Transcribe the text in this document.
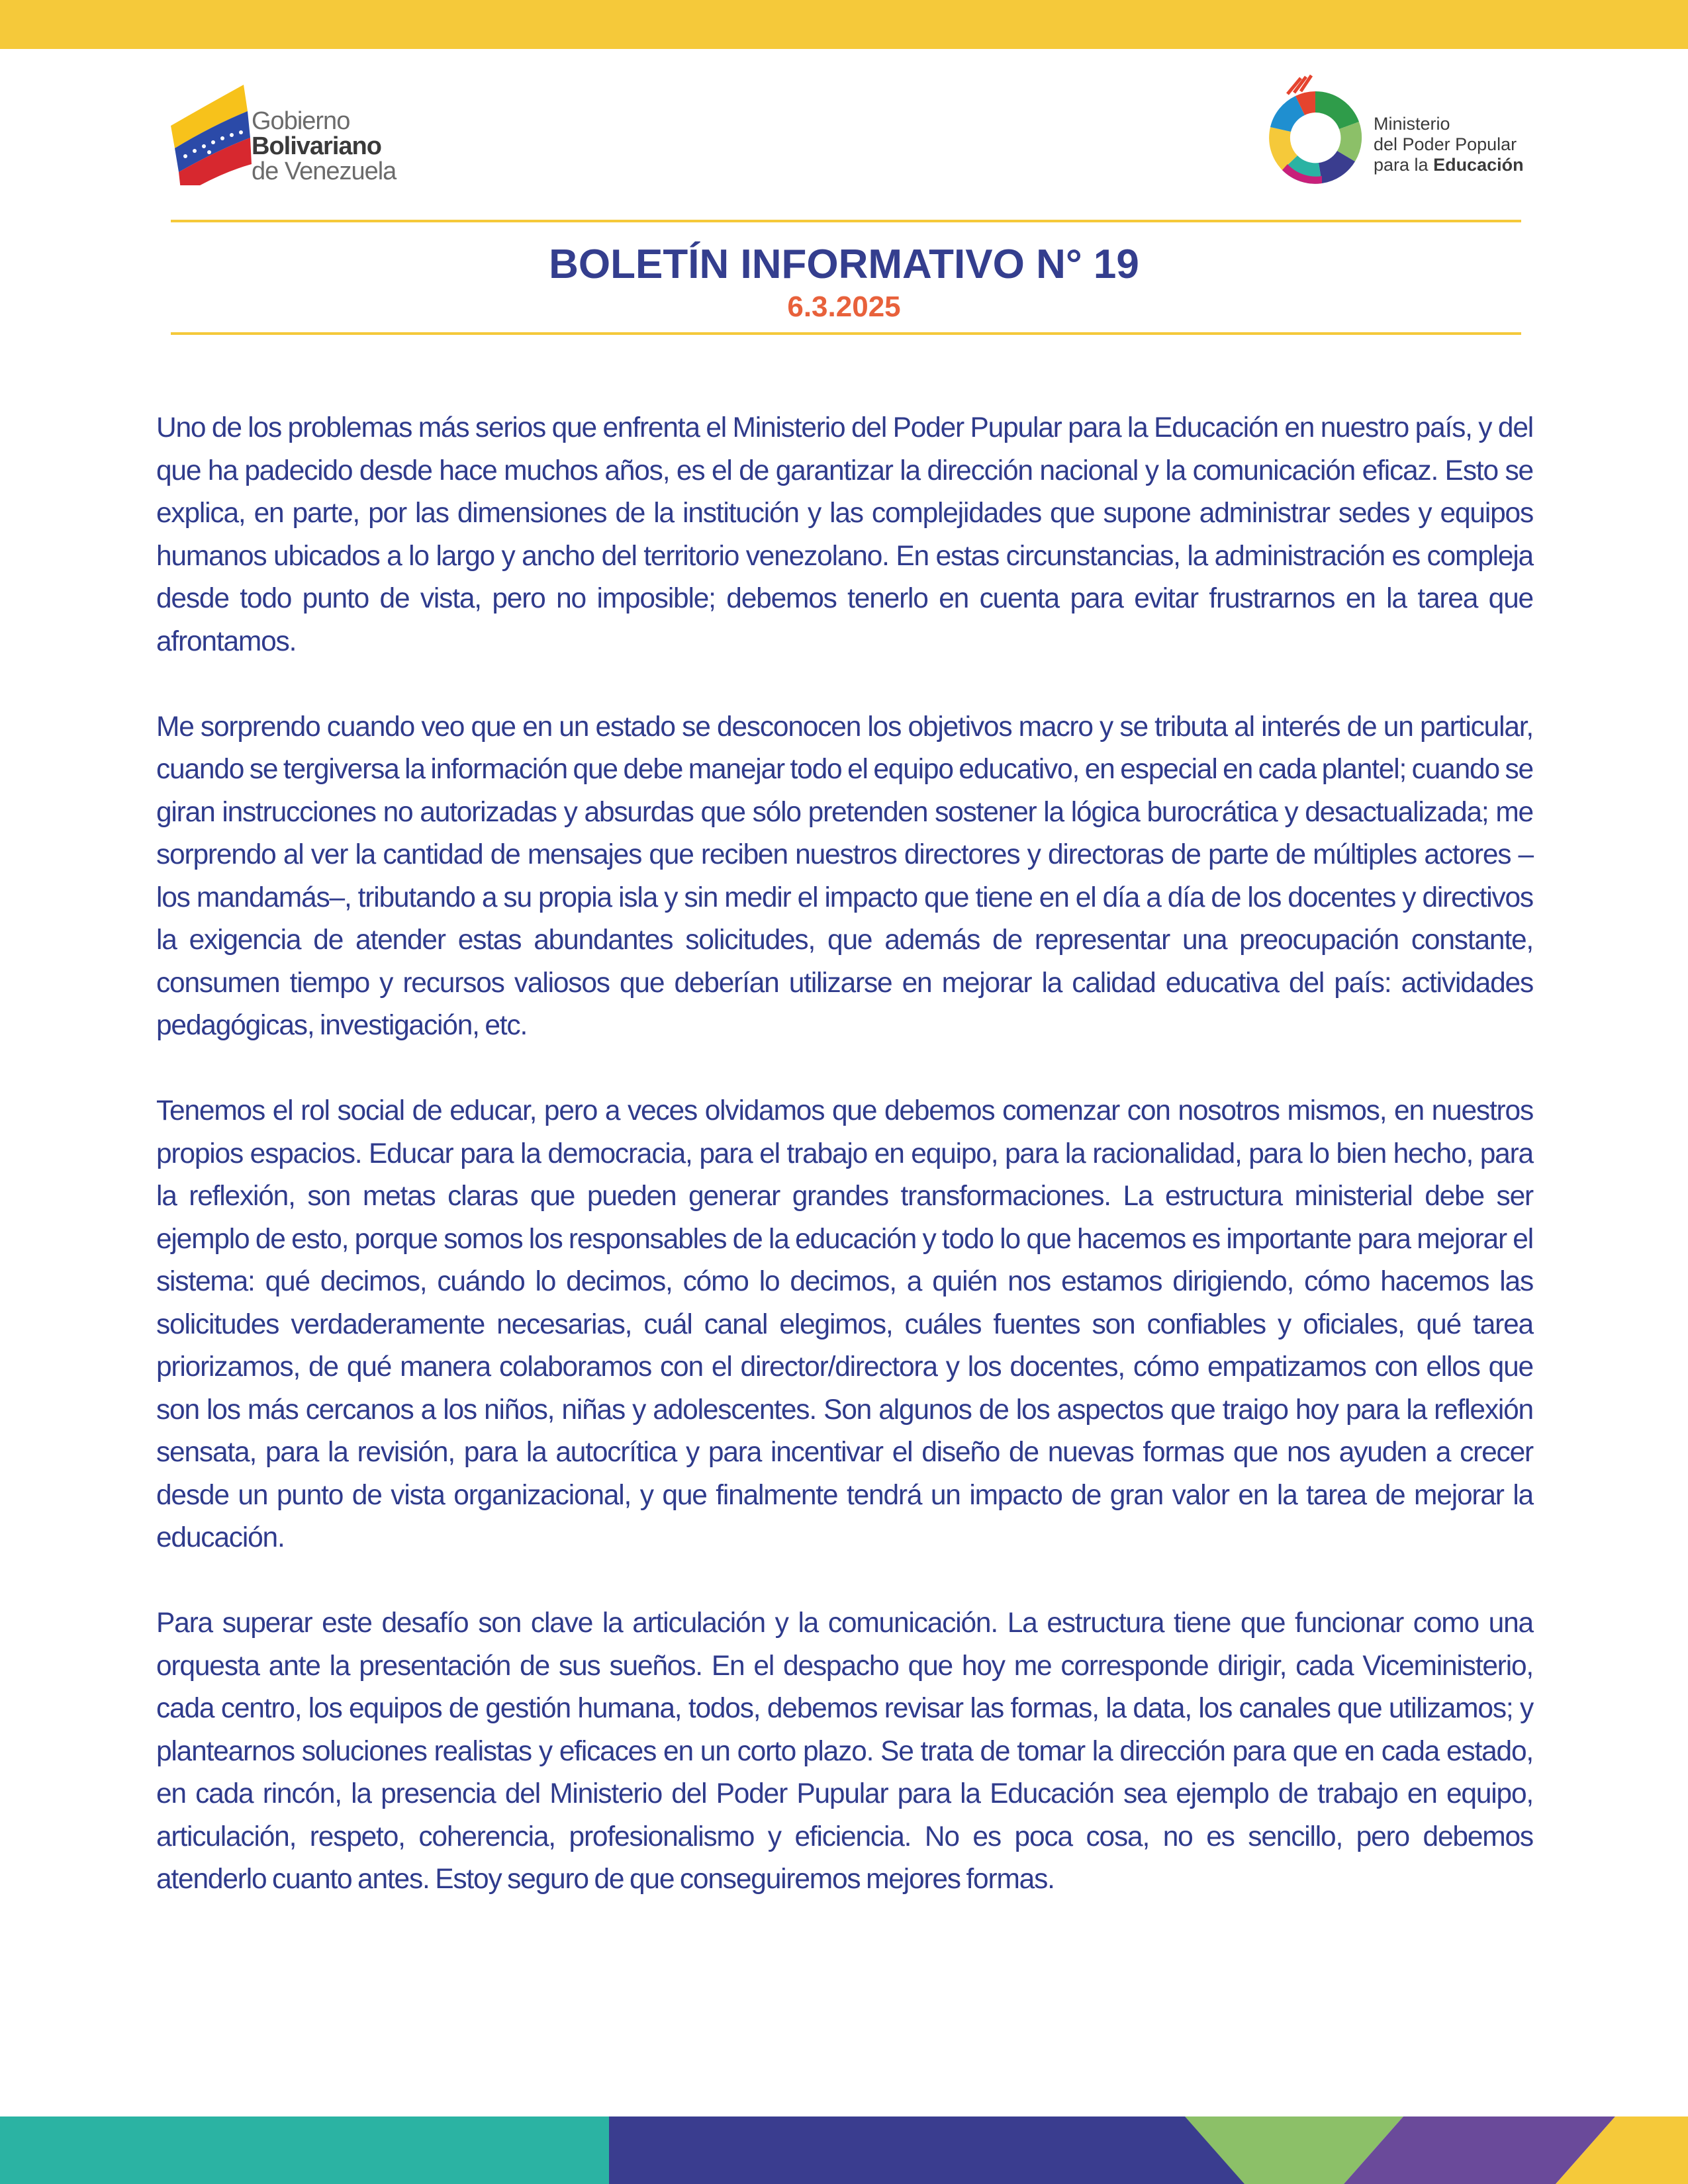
Gobierno
Bolivariano
de Venezuela
Ministerio
del Poder Popular
para la Educación
BOLETÍN INFORMATIVO N° 19
6.3.2025

Uno de los problemas más serios que enfrenta el Ministerio del Poder Pupular para la Educación en nuestro país, y del que ha padecido desde hace muchos años, es el de garantizar la dirección nacional y la comunicación eficaz. Esto se explica, en parte, por las dimensiones de la institución y las complejidades que supone administrar sedes y equipos humanos ubicados a lo largo y ancho del territorio venezolano. En estas circunstancias, la administración es compleja desde todo punto de vista, pero no imposible; debemos tenerlo en cuenta para evitar frustrarnos en la tarea que afrontamos.

Me sorprendo cuando veo que en un estado se desconocen los objetivos macro y se tributa al interés de un particular, cuando se tergiversa la información que debe manejar todo el equipo educativo, en especial en cada plantel; cuando se giran instrucciones no autorizadas y absurdas que sólo pretenden sostener la lógica burocrática y desactualizada; me sorprendo al ver la cantidad de mensajes que reciben nuestros directores y directoras de parte de múltiples actores –los mandamás–, tributando a su propia isla y sin medir el impacto que tiene en el día a día de los docentes y directivos la exigencia de atender estas abundantes solicitudes, que además de representar una preocupación constante, consumen tiempo y recursos valiosos que deberían utilizarse en mejorar la calidad educativa del país: actividades pedagógicas, investigación, etc.

Tenemos el rol social de educar, pero a veces olvidamos que debemos comenzar con nosotros mismos, en nuestros propios espacios. Educar para la democracia, para el trabajo en equipo, para la racionalidad, para lo bien hecho, para la reflexión, son metas claras que pueden generar grandes transformaciones. La estructura ministerial debe ser ejemplo de esto, porque somos los responsables de la educación y todo lo que hacemos es importante para mejorar el sistema: qué decimos, cuándo lo decimos, cómo lo decimos, a quién nos estamos dirigiendo, cómo hacemos las solicitudes verdaderamente necesarias, cuál canal elegimos, cuáles fuentes son confiables y oficiales, qué tarea priorizamos, de qué manera colaboramos con el director/directora y los docentes, cómo empatizamos con ellos que son los más cercanos a los niños, niñas y adolescentes. Son algunos de los aspectos que traigo hoy para la reflexión sensata, para la revisión, para la autocrítica y para incentivar el diseño de nuevas formas que nos ayuden a crecer desde un punto de vista organizacional, y que finalmente tendrá un impacto de gran valor en la tarea de mejorar la educación.

Para superar este desafío son clave la articulación y la comunicación. La estructura tiene que funcionar como una orquesta ante la presentación de sus sueños. En el despacho que hoy me corresponde dirigir, cada Viceministerio, cada centro, los equipos de gestión humana, todos, debemos revisar las formas, la data, los canales que utilizamos; y plantearnos soluciones realistas y eficaces en un corto plazo. Se trata de tomar la dirección para que en cada estado, en cada rincón, la presencia del Ministerio del Poder Pupular para la Educación sea ejemplo de trabajo en equipo, articulación, respeto, coherencia, profesionalismo y eficiencia. No es poca cosa, no es sencillo, pero debemos atenderlo cuanto antes. Estoy seguro de que conseguiremos mejores formas.
